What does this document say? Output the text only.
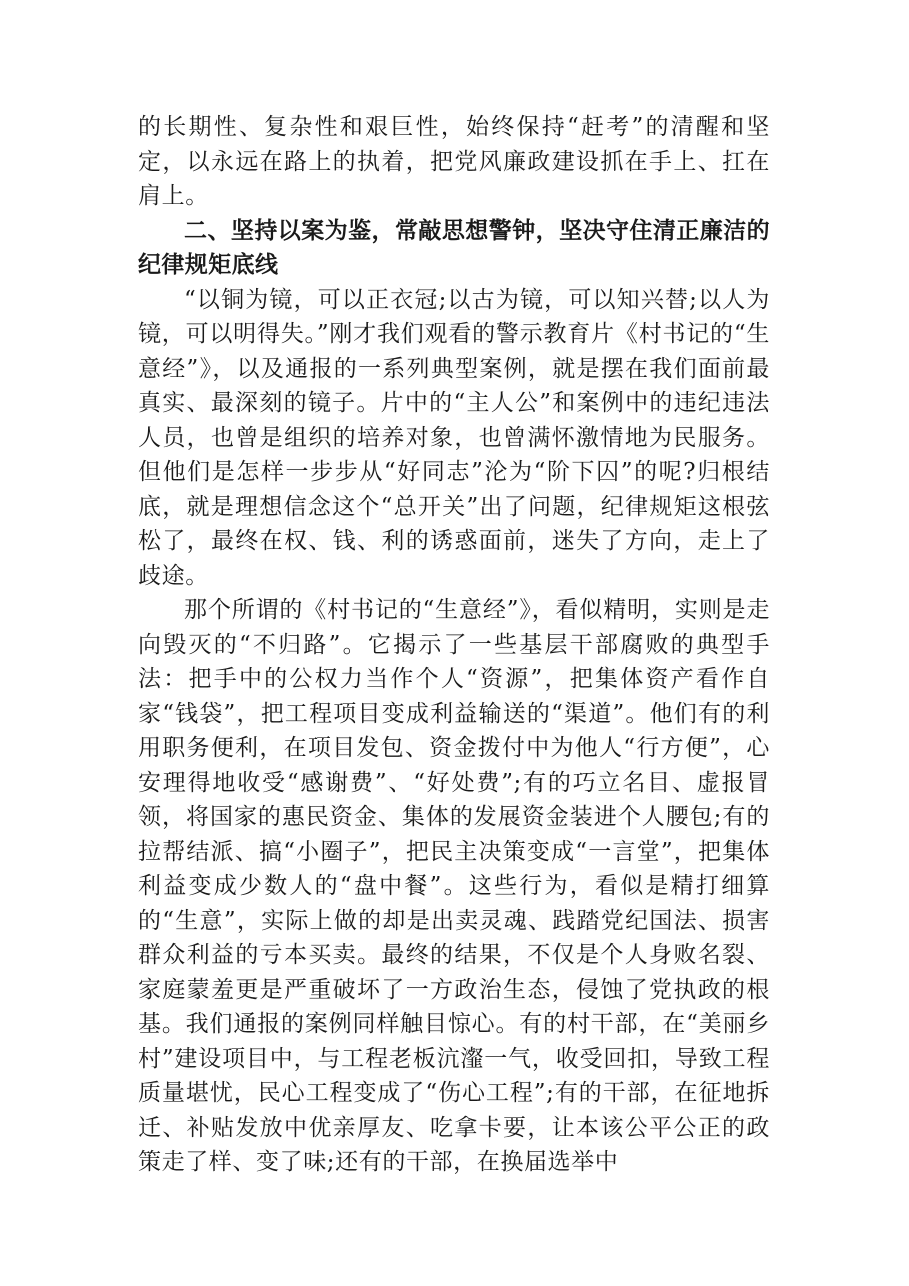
的长期性、复杂性和艰巨性，始终保持“赶考”的清醒和坚定，以永远在路上的执着，把党风廉政建设抓在手上、扛在肩上。

二、坚持以案为鉴，常敲思想警钟，坚决守住清正廉洁的纪律规矩底线

“以铜为镜，可以正衣冠;以古为镜，可以知兴替;以人为镜，可以明得失。”刚才我们观看的警示教育片《村书记的“生意经”》，以及通报的一系列典型案例，就是摆在我们面前最真实、最深刻的镜子。片中的“主人公”和案例中的违纪违法人员，也曾是组织的培养对象，也曾满怀激情地为民服务。但他们是怎样一步步从“好同志”沦为“阶下囚”的呢?归根结底，就是理想信念这个“总开关”出了问题，纪律规矩这根弦松了，最终在权、钱、利的诱惑面前，迷失了方向，走上了歧途。

那个所谓的《村书记的“生意经”》，看似精明，实则是走向毁灭的“不归路”。它揭示了一些基层干部腐败的典型手法：把手中的公权力当作个人“资源”，把集体资产看作自家“钱袋”，把工程项目变成利益输送的“渠道”。他们有的利用职务便利，在项目发包、资金拨付中为他人“行方便”，心安理得地收受“感谢费”、“好处费”;有的巧立名目、虚报冒领，将国家的惠民资金、集体的发展资金装进个人腰包;有的拉帮结派、搞“小圈子”，把民主决策变成“一言堂”，把集体利益变成少数人的“盘中餐”。这些行为，看似是精打细算的“生意”，实际上做的却是出卖灵魂、践踏党纪国法、损害群众利益的亏本买卖。最终的结果，不仅是个人身败名裂、家庭蒙羞更是严重破坏了一方政治生态，侵蚀了党执政的根基。我们通报的案例同样触目惊心。有的村干部，在“美丽乡村”建设项目中，与工程老板沆瀣一气，收受回扣，导致工程质量堪忧，民心工程变成了“伤心工程”;有的干部，在征地拆迁、补贴发放中优亲厚友、吃拿卡要，让本该公平公正的政策走了样、变了味;还有的干部，在换届选举中
